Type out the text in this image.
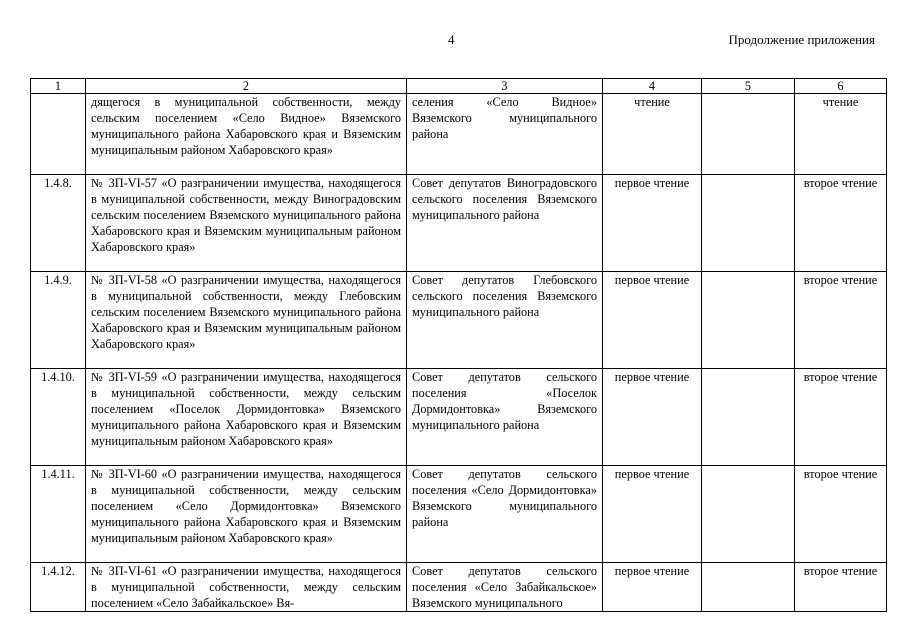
4	Продолжение приложения
1	2	3	4	5	6
	дящегося в муниципальной собственности, между сельским поселением «Село Видное» Вяземского муниципального района Хабаровского края и Вяземским муниципальным районом Хабаровского края»	селения «Село Видное» Вяземского муниципального района	чтение		чтение
1.4.8.	№ ЗП-VI-57 «О разграничении имущества, находящегося в муниципальной собственности, между Виноградовским сельским поселением Вяземского муниципального района Хабаровского края и Вяземским муниципальным районом Хабаровского края»	Совет депутатов Виноградовского сельского поселения Вяземского муниципального района	первое чтение		второе чтение
1.4.9.	№ ЗП-VI-58 «О разграничении имущества, находящегося в муниципальной собственности, между Глебовским сельским поселением Вяземского муниципального района Хабаровского края и Вяземским муниципальным районом Хабаровского края»	Совет депутатов Глебовского сельского поселения Вяземского муниципального района	первое чтение		второе чтение
1.4.10.	№ ЗП-VI-59 «О разграничении имущества, находящегося в муниципальной собственности, между сельским поселением «Поселок Дормидонтовка» Вяземского муниципального района Хабаровского края и Вяземским муниципальным районом Хабаровского края»	Совет депутатов сельского поселения «Поселок Дормидонтовка» Вяземского муниципального района	первое чтение		второе чтение
1.4.11.	№ ЗП-VI-60 «О разграничении имущества, находящегося в муниципальной собственности, между сельским поселением «Село Дормидонтовка» Вяземского муниципального района Хабаровского края и Вяземским муниципальным районом Хабаровского края»	Совет депутатов сельского поселения «Село Дормидонтовка» Вяземского муниципального района	первое чтение		второе чтение
1.4.12.	№ ЗП-VI-61 «О разграничении имущества, находящегося в муниципальной собственности, между сельским поселением «Село Забайкальское» Вя-	Совет депутатов сельского поселения «Село Забайкальское» Вяземского муниципального	первое чтение		второе чтение
